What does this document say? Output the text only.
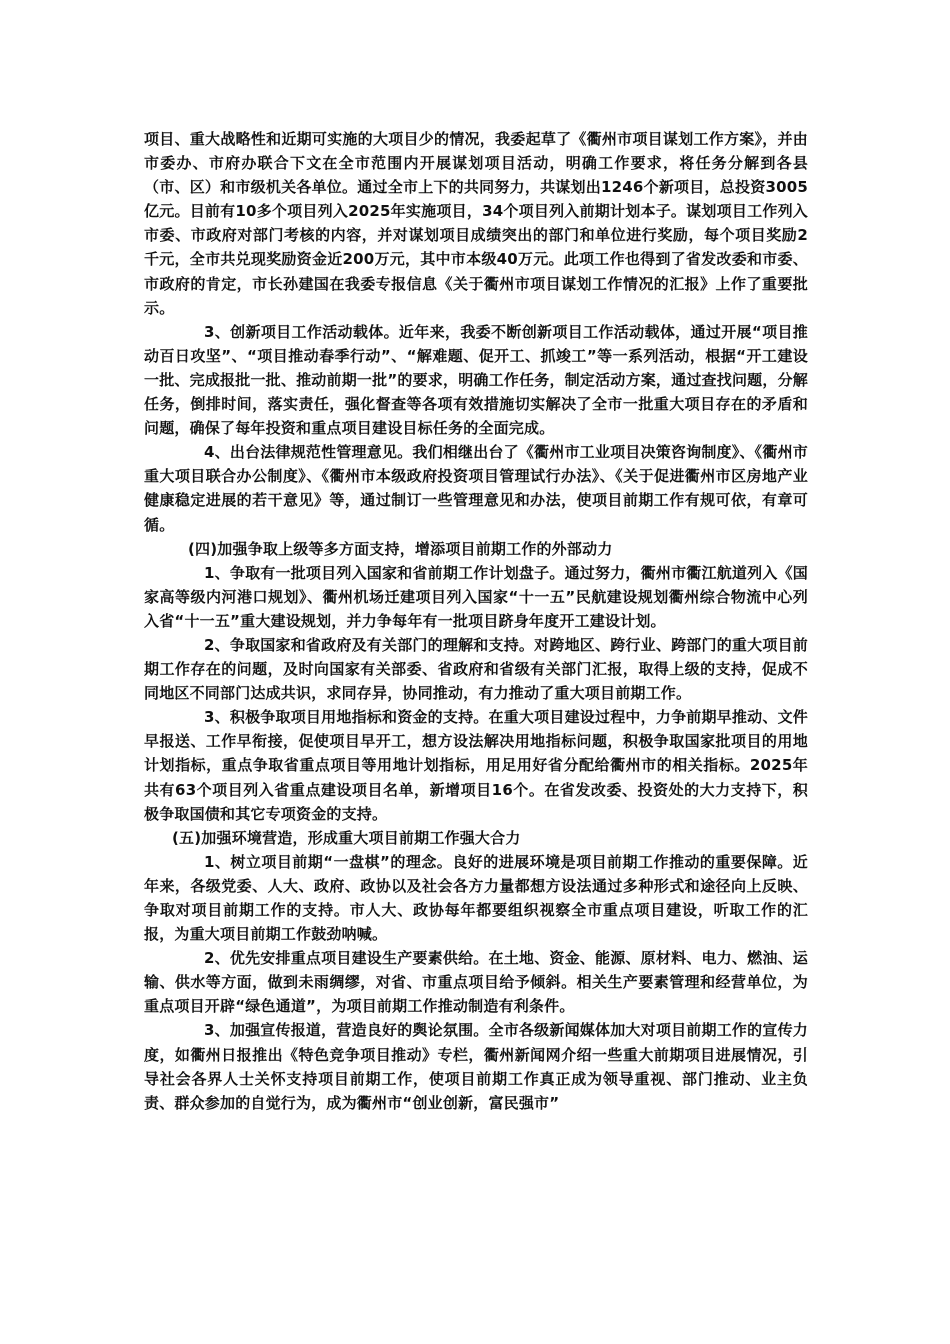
项目、重大战略性和近期可实施的大项目少的情况，我委起草了《衢州市项目谋划工作方案》，并由市委办、市府办联合下文在全市范围内开展谋划项目活动，明确工作要求，将任务分解到各县（市、区）和市级机关各单位。通过全市上下的共同努力，共谋划出1246个新项目，总投资3005亿元。目前有10多个项目列入2025年实施项目，34个项目列入前期计划本子。谋划项目工作列入市委、市政府对部门考核的内容，并对谋划项目成绩突出的部门和单位进行奖励，每个项目奖励2千元，全市共兑现奖励资金近200万元，其中市本级40万元。此项工作也得到了省发改委和市委、市政府的肯定，市长孙建国在我委专报信息《关于衢州市项目谋划工作情况的汇报》上作了重要批示。

3、创新项目工作活动载体。近年来，我委不断创新项目工作活动载体，通过开展“项目推动百日攻坚”、“项目推动春季行动”、“解难题、促开工、抓竣工”等一系列活动，根据“开工建设一批、完成报批一批、推动前期一批”的要求，明确工作任务，制定活动方案，通过查找问题，分解任务，倒排时间，落实责任，强化督查等各项有效措施切实解决了全市一批重大项目存在的矛盾和问题，确保了每年投资和重点项目建设目标任务的全面完成。

4、出台法律规范性管理意见。我们相继出台了《衢州市工业项目决策咨询制度》、《衢州市重大项目联合办公制度》、《衢州市本级政府投资项目管理试行办法》、《关于促进衢州市区房地产业健康稳定进展的若干意见》等，通过制订一些管理意见和办法，使项目前期工作有规可依，有章可循。

(四)加强争取上级等多方面支持，增添项目前期工作的外部动力

1、争取有一批项目列入国家和省前期工作计划盘子。通过努力，衢州市衢江航道列入《国家高等级内河港口规划》、衢州机场迁建项目列入国家“十一五”民航建设规划衢州综合物流中心列入省“十一五”重大建设规划，并力争每年有一批项目跻身年度开工建设计划。

2、争取国家和省政府及有关部门的理解和支持。对跨地区、跨行业、跨部门的重大项目前期工作存在的问题，及时向国家有关部委、省政府和省级有关部门汇报，取得上级的支持，促成不同地区不同部门达成共识，求同存异，协同推动，有力推动了重大项目前期工作。

3、积极争取项目用地指标和资金的支持。在重大项目建设过程中，力争前期早推动、文件早报送、工作早衔接，促使项目早开工，想方设法解决用地指标问题，积极争取国家批项目的用地计划指标，重点争取省重点项目等用地计划指标，用足用好省分配给衢州市的相关指标。2025年共有63个项目列入省重点建设项目名单，新增项目16个。在省发改委、投资处的大力支持下，积极争取国债和其它专项资金的支持。

(五)加强环境营造，形成重大项目前期工作强大合力

1、树立项目前期“一盘棋”的理念。良好的进展环境是项目前期工作推动的重要保障。近年来，各级党委、人大、政府、政协以及社会各方力量都想方设法通过多种形式和途径向上反映、争取对项目前期工作的支持。市人大、政协每年都要组织视察全市重点项目建设，听取工作的汇报，为重大项目前期工作鼓劲呐喊。

2、优先安排重点项目建设生产要素供给。在土地、资金、能源、原材料、电力、燃油、运输、供水等方面，做到未雨绸缪，对省、市重点项目给予倾斜。相关生产要素管理和经营单位，为重点项目开辟“绿色通道”，为项目前期工作推动制造有利条件。

3、加强宣传报道，营造良好的舆论氛围。全市各级新闻媒体加大对项目前期工作的宣传力度，如衢州日报推出《特色竞争项目推动》专栏，衢州新闻网介绍一些重大前期项目进展情况，引导社会各界人士关怀支持项目前期工作，使项目前期工作真正成为领导重视、部门推动、业主负责、群众参加的自觉行为，成为衢州市“创业创新，富民强市”
